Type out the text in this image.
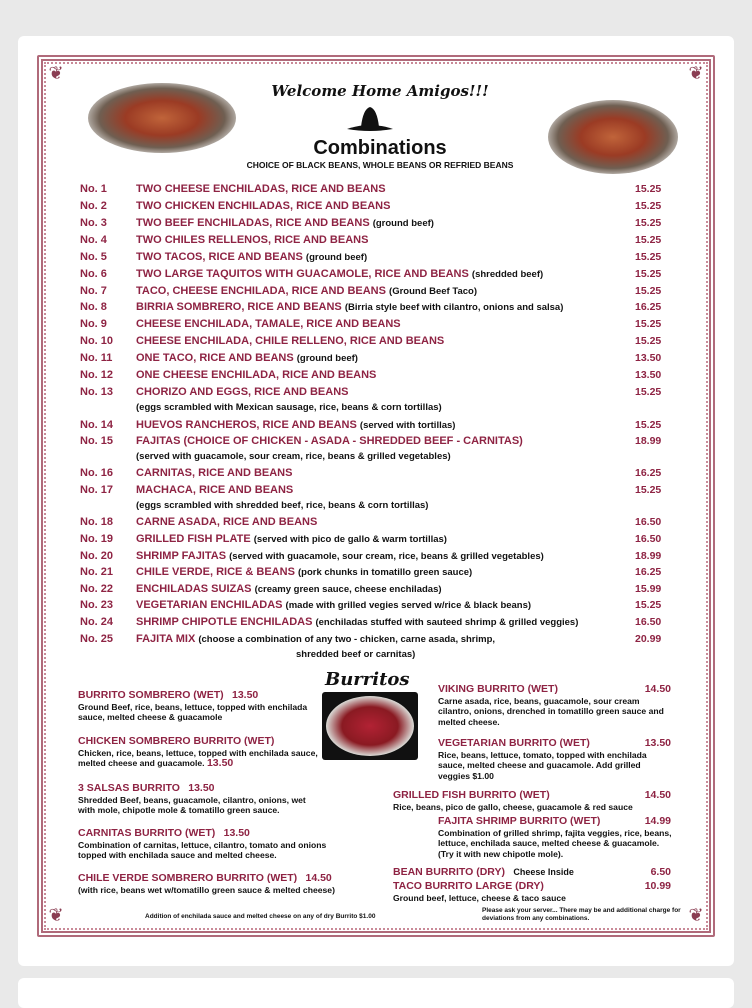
❦	❦
❦	❦
Welcome Home Amigos!!!
Combinations
CHOICE OF BLACK BEANS, WHOLE BEANS OR REFRIED BEANS
No. 1	TWO CHEESE ENCHILADAS, RICE AND BEANS	15.25
No. 2	TWO CHICKEN ENCHILADAS, RICE AND BEANS	15.25
No. 3	TWO BEEF ENCHILADAS, RICE AND BEANS (ground beef)	15.25
No. 4	TWO CHILES RELLENOS, RICE AND BEANS	15.25
No. 5	TWO TACOS, RICE AND BEANS (ground beef)	15.25
No. 6	TWO LARGE TAQUITOS WITH GUACAMOLE, RICE AND BEANS (shredded beef)	15.25
No. 7	TACO, CHEESE ENCHILADA, RICE AND BEANS (Ground Beef Taco)	15.25
No. 8	BIRRIA SOMBRERO, RICE AND BEANS (Birria style beef with cilantro, onions and salsa)	16.25
No. 9	CHEESE ENCHILADA, TAMALE, RICE AND BEANS	15.25
No. 10 CHEESE ENCHILADA, CHILE RELLENO, RICE AND BEANS	15.25
No. 11 ONE TACO, RICE AND BEANS (ground beef)	13.50
No. 12 ONE CHEESE ENCHILADA, RICE AND BEANS	13.50
No. 13 CHORIZO AND EGGS, RICE AND BEANS	15.25
(eggs scrambled with Mexican sausage, rice, beans & corn tortillas)
No. 14 HUEVOS RANCHEROS, RICE AND BEANS (served with tortillas)	15.25
No. 15 FAJITAS (CHOICE OF CHICKEN - ASADA - SHREDDED BEEF - CARNITAS)	18.99
(served with guacamole, sour cream, rice, beans & grilled vegetables)
No. 16 CARNITAS, RICE AND BEANS	16.25
No. 17 MACHACA, RICE AND BEANS	15.25
(eggs scrambled with shredded beef, rice, beans & corn tortillas)
No. 18 CARNE ASADA, RICE AND BEANS	16.50
No. 19 GRILLED FISH PLATE (served with pico de gallo & warm tortillas)	16.50
No. 20 SHRIMP FAJITAS (served with guacamole, sour cream, rice, beans & grilled vegetables)	18.99
No. 21 CHILE VERDE, RICE & BEANS (pork chunks in tomatillo green sauce)	16.25
No. 22 ENCHILADAS SUIZAS (creamy green sauce, cheese enchiladas)	15.99
No. 23 VEGETARIAN ENCHILADAS (made with grilled vegies served w/rice & black beans)	15.25
No. 24 SHRIMP CHIPOTLE ENCHILADAS (enchiladas stuffed with sauteed shrimp & grilled veggies)	16.50
No. 25 FAJITA MIX (choose a combination of any two - chicken, carne asada, shrimp,	20.99
shredded beef or carnitas)
Burritos
BURRITO SOMBRERO (WET) 13.50
Ground Beef, rice, beans, lettuce, topped with enchilada sauce, melted cheese & guacamole
CHICKEN SOMBRERO BURRITO (WET)
Chicken, rice, beans, lettuce, topped with enchilada sauce, melted cheese and guacamole. 13.50
3 SALSAS BURRITO 13.50
Shredded Beef, beans, guacamole, cilantro, onions, wet with mole, chipotle mole & tomatillo green sauce.
CARNITAS BURRITO (WET) 13.50
Combination of carnitas, lettuce, cilantro, tomato and onions topped with enchilada sauce and melted cheese.
CHILE VERDE SOMBRERO BURRITO (WET) 14.50
(with rice, beans wet w/tomatillo green sauce & melted cheese)
VIKING BURRITO (WET)	14.50
Carne asada, rice, beans, guacamole, sour cream cilantro, onions, drenched in tomatillo green sauce and melted cheese.
VEGETARIAN BURRITO (WET)	13.50
Rice, beans, lettuce, tomato, topped with enchilada sauce, melted cheese and guacamole. Add grilled veggies $1.00
GRILLED FISH BURRITO (WET)	14.50
Rice, beans, pico de gallo, cheese, guacamole & red sauce
FAJITA SHRIMP BURRITO (WET)	14.99
Combination of grilled shrimp, fajita veggies, rice, beans, lettuce, enchilada sauce, melted cheese & guacamole. (Try it with new chipotle mole).
BEAN BURRITO (DRY) Cheese Inside	6.50
TACO BURRITO LARGE (DRY)	10.99
Ground beef, lettuce, cheese & taco sauce
Addition of enchilada sauce and melted cheese on any of dry Burrito $1.00
Please ask your server... There may be and additional charge for deviations from any combinations.
